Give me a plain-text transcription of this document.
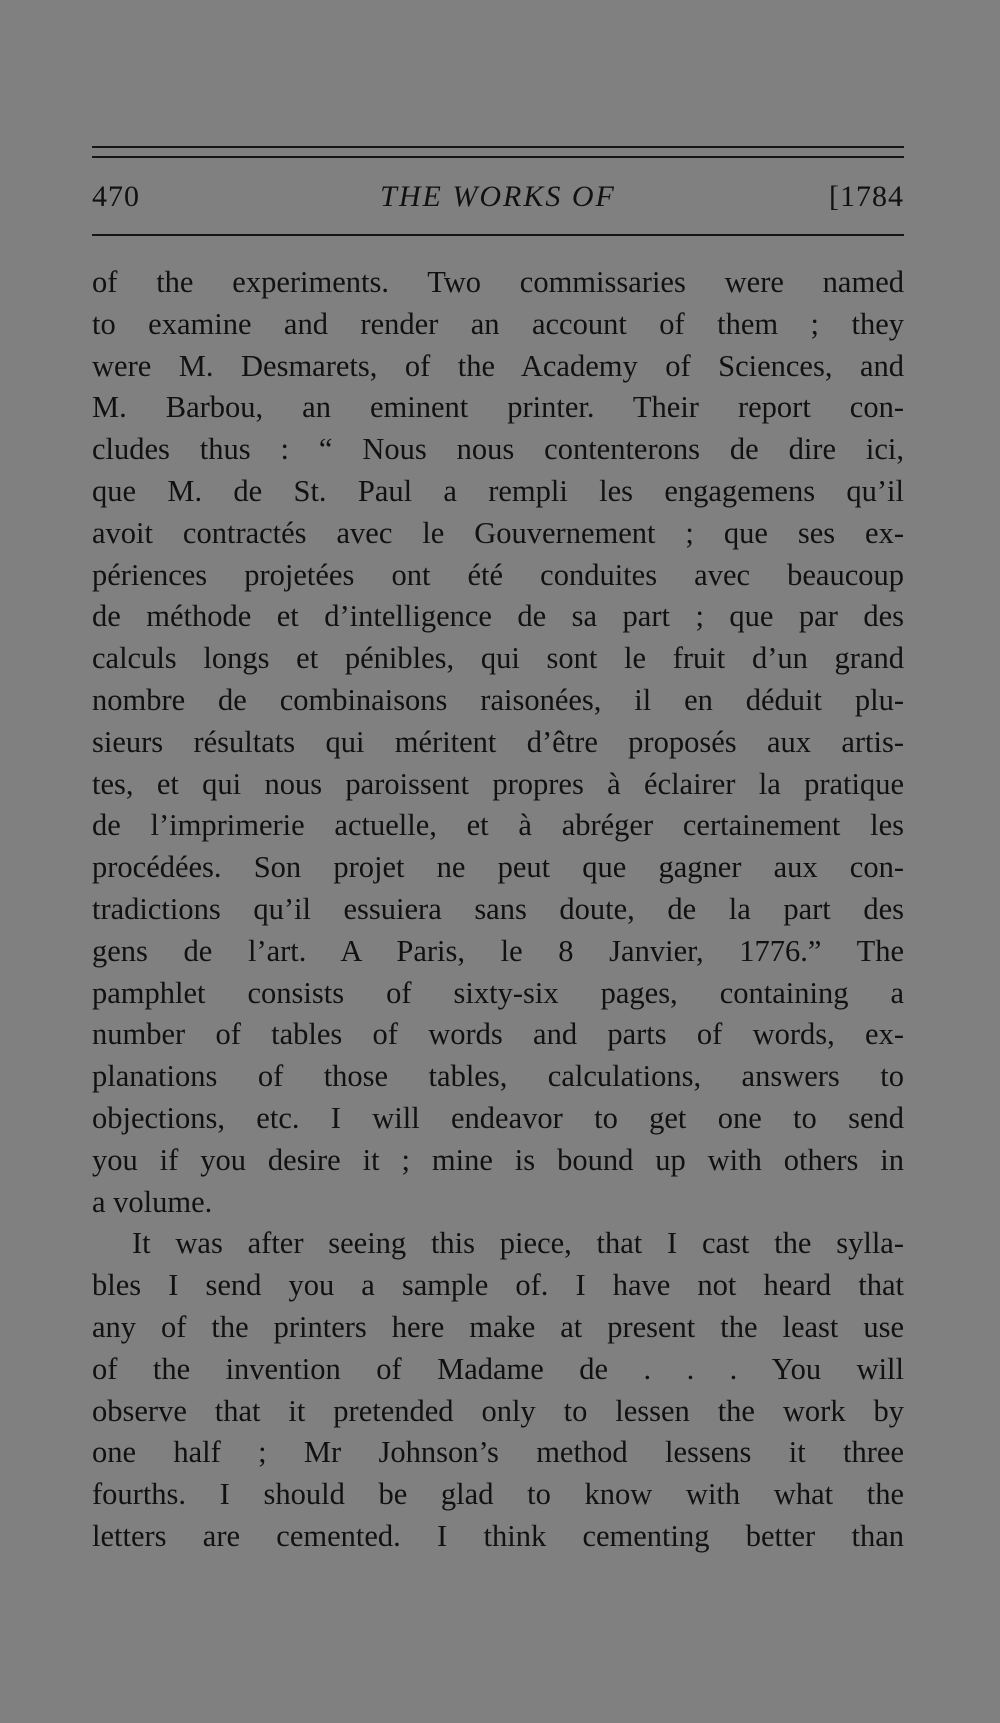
470	THE WORKS OF	[1784
of the experiments. Two commissaries were named
to examine and render an account of them ; they
were M. Desmarets, of the Academy of Sciences, and
M. Barbou, an eminent printer. Their report con-
cludes thus : “ Nous nous contenterons de dire ici,
que M. de St. Paul a rempli les engagemens qu’il
avoit contractés avec le Gouvernement ; que ses ex-
périences projetées ont été conduites avec beaucoup
de méthode et d’intelligence de sa part ; que par des
calculs longs et pénibles, qui sont le fruit d’un grand
nombre de combinaisons raisonées, il en déduit plu-
sieurs résultats qui méritent d’être proposés aux artis-
tes, et qui nous paroissent propres à éclairer la pratique
de l’imprimerie actuelle, et à abréger certainement les
procédées. Son projet ne peut que gagner aux con-
tradictions qu’il essuiera sans doute, de la part des
gens de l’art. A Paris, le 8 Janvier, 1776.” The
pamphlet consists of sixty-six pages, containing a
number of tables of words and parts of words, ex-
planations of those tables, calculations, answers to
objections, etc. I will endeavor to get one to send
you if you desire it ; mine is bound up with others in
a volume.
It was after seeing this piece, that I cast the sylla-
bles I send you a sample of. I have not heard that
any of the printers here make at present the least use
of the invention of Madame de . . . You will
observe that it pretended only to lessen the work by
one half ; Mr Johnson’s method lessens it three
fourths. I should be glad to know with what the
letters are cemented. I think cementing better than
